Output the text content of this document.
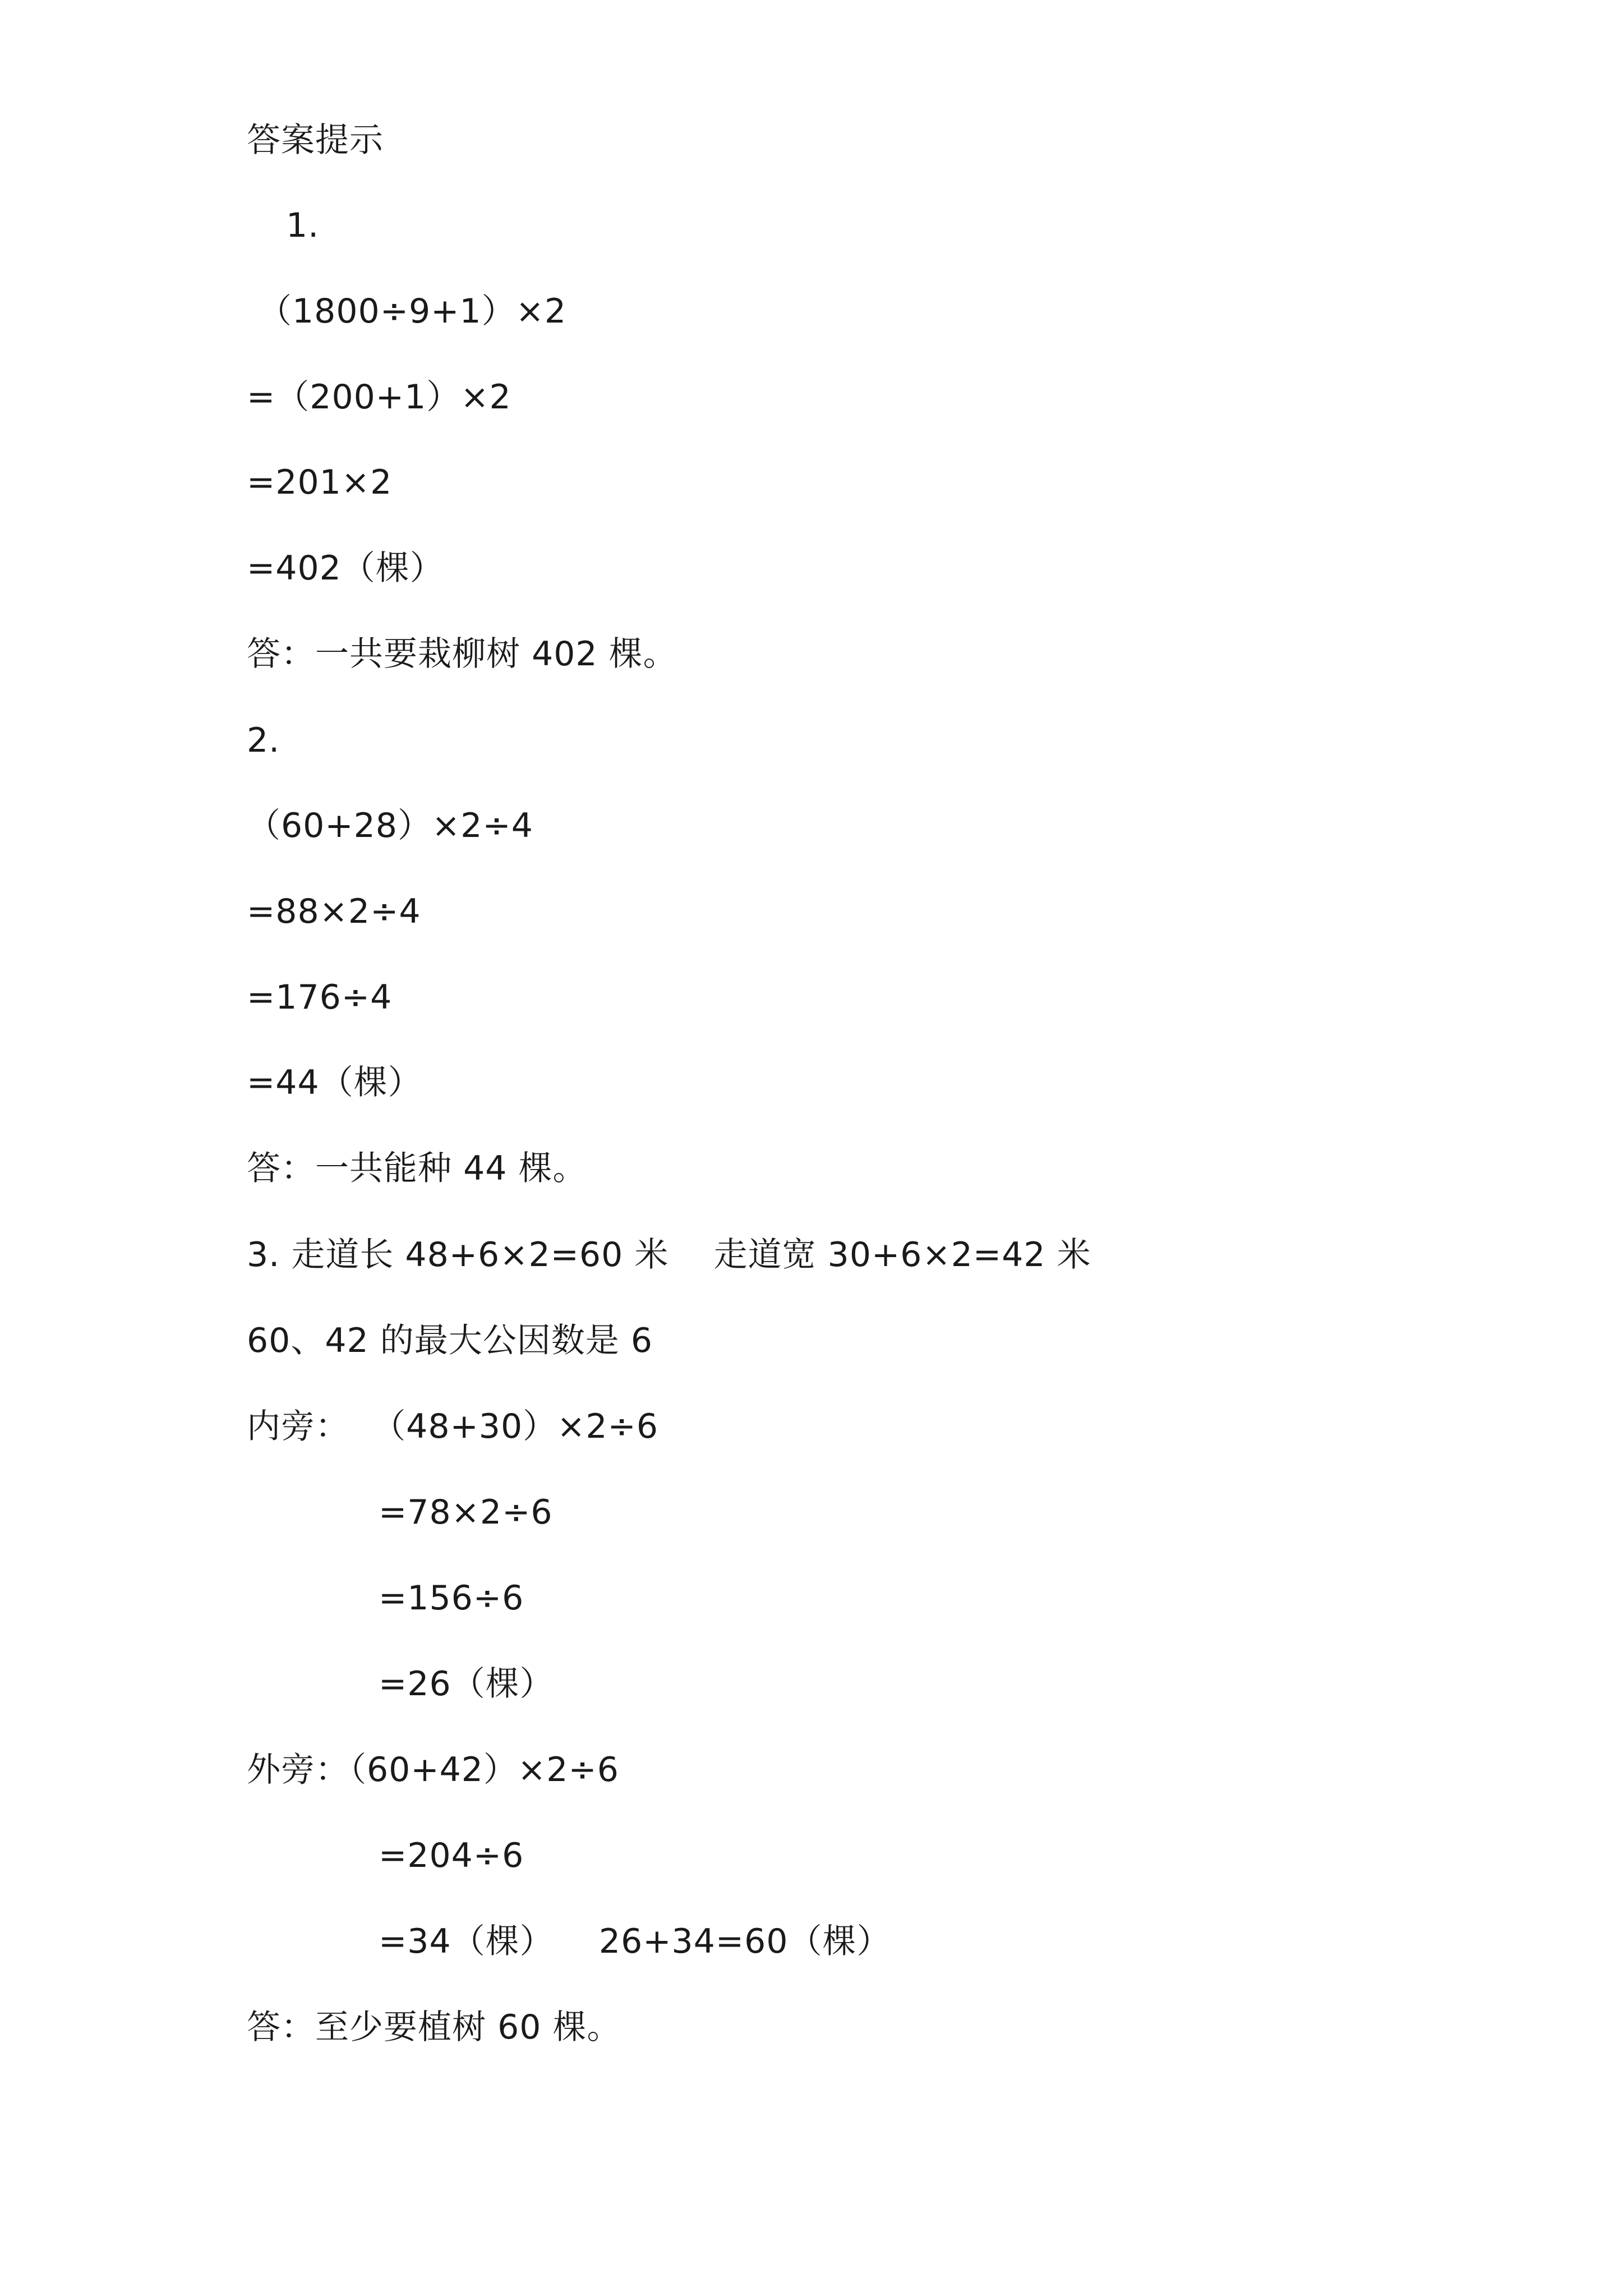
答案提示
1.
（1800÷9+1）×2
=（200+1）×2
=201×2
=402（棵）
答：一共要栽柳树 402 棵。
2.
（60+28）×2÷4
=88×2÷4
=176÷4
=44（棵）
答：一共能种 44 棵。
3. 走道长 48+6×2=60 米    走道宽 30+6×2=42 米
60、42 的最大公因数是 6
内旁：  （48+30）×2÷6
=78×2÷6
=156÷6
=26（棵）
外旁：（60+42）×2÷6
=204÷6
=34（棵）    26+34=60（棵）
答：至少要植树 60 棵。
